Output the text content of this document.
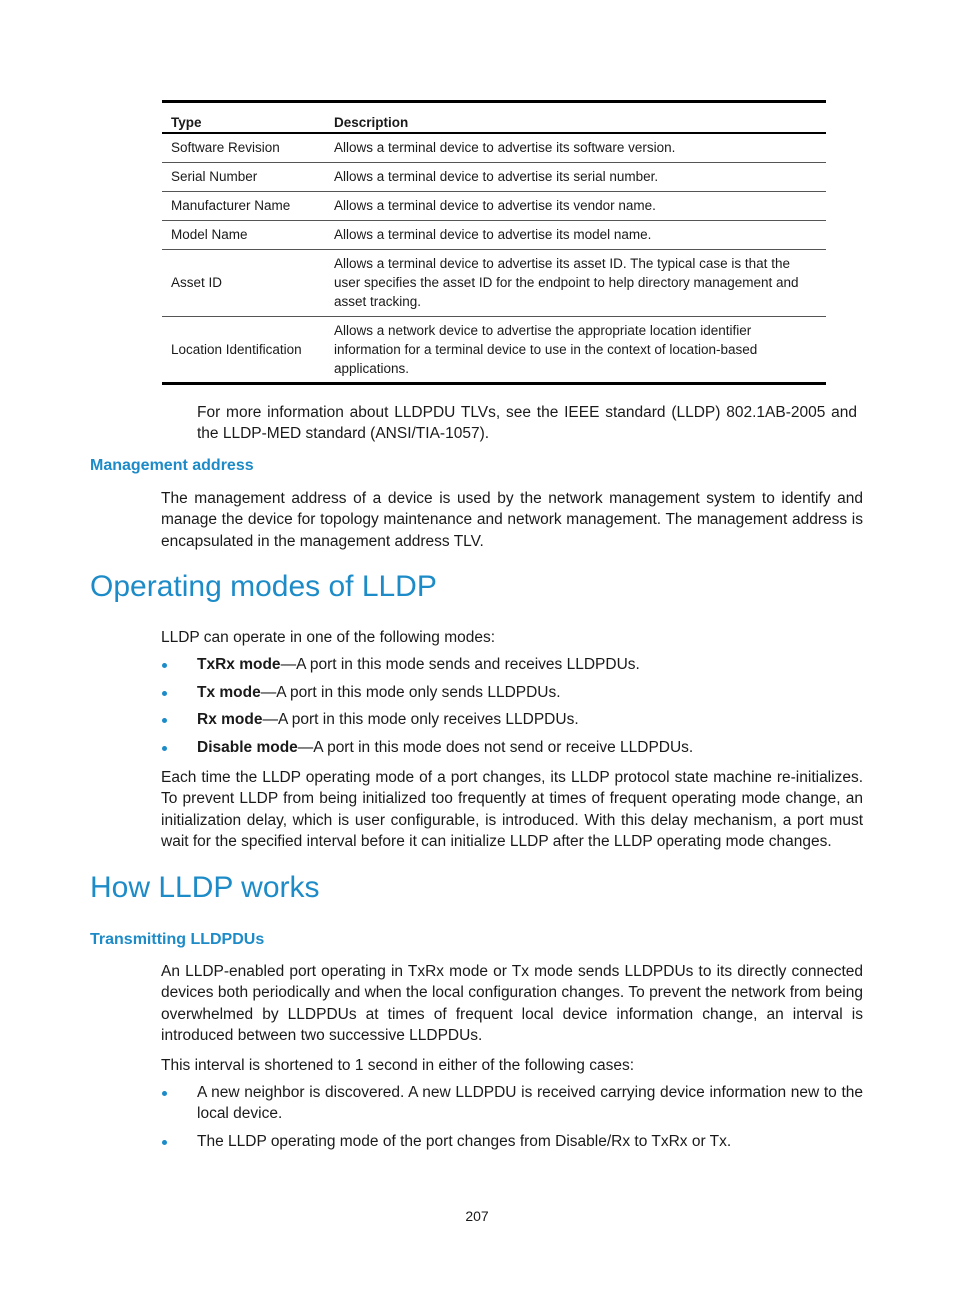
Type	Description
Software Revision	Allows a terminal device to advertise its software version.
Serial Number	Allows a terminal device to advertise its serial number.
Manufacturer Name	Allows a terminal device to advertise its vendor name.
Model Name	Allows a terminal device to advertise its model name.
Asset ID	Allows a terminal device to advertise its asset ID. The typical case is that the user specifies the asset ID for the endpoint to help directory management and asset tracking.
Location Identification	Allows a network device to advertise the appropriate location identifier information for a terminal device to use in the context of location-based applications.

For more information about LLDPDU TLVs, see the IEEE standard (LLDP) 802.1AB-2005 and the LLDP-MED standard (ANSI/TIA-1057).

Management address

The management address of a device is used by the network management system to identify and manage the device for topology maintenance and network management. The management address is encapsulated in the management address TLV.

Operating modes of LLDP

LLDP can operate in one of the following modes:

TxRx mode—A port in this mode sends and receives LLDPDUs.
Tx mode—A port in this mode only sends LLDPDUs.
Rx mode—A port in this mode only receives LLDPDUs.
Disable mode—A port in this mode does not send or receive LLDPDUs.

Each time the LLDP operating mode of a port changes, its LLDP protocol state machine re-initializes. To prevent LLDP from being initialized too frequently at times of frequent operating mode change, an initialization delay, which is user configurable, is introduced. With this delay mechanism, a port must wait for the specified interval before it can initialize LLDP after the LLDP operating mode changes.

How LLDP works
Transmitting LLDPDUs

An LLDP-enabled port operating in TxRx mode or Tx mode sends LLDPDUs to its directly connected devices both periodically and when the local configuration changes. To prevent the network from being overwhelmed by LLDPDUs at times of frequent local device information change, an interval is introduced between two successive LLDPDUs.

This interval is shortened to 1 second in either of the following cases:

A new neighbor is discovered. A new LLDPDU is received carrying device information new to the local device.
The LLDP operating mode of the port changes from Disable/Rx to TxRx or Tx.
207
